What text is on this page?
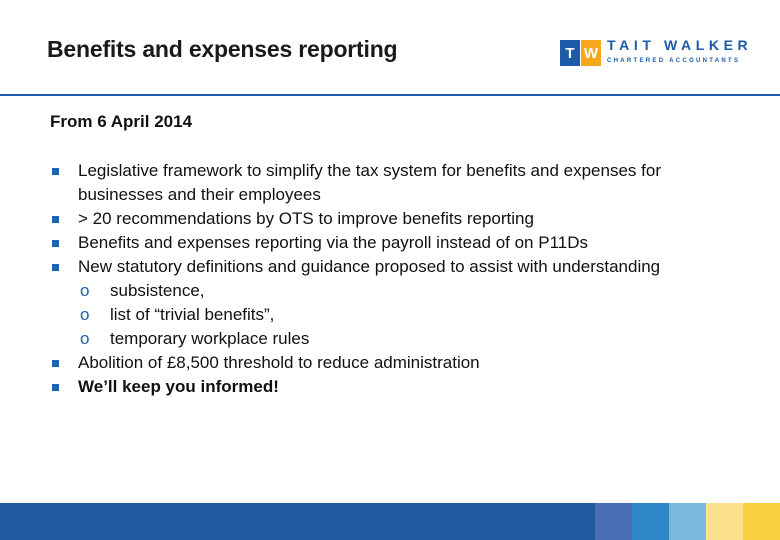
Benefits and expenses reporting	T W TAIT WALKER
CHARTERED ACCOUNTANTS
From 6 April 2014
Legislative framework to simplify the tax system for benefits and expenses for businesses and their employees
> 20 recommendations by OTS to improve benefits reporting
Benefits and expenses reporting via the payroll instead of on P11Ds
New statutory definitions and guidance proposed to assist with understanding
o subsistence,
o list of “trivial benefits”,
o temporary workplace rules
Abolition of £8,500 threshold to reduce administration
We’ll keep you informed!
